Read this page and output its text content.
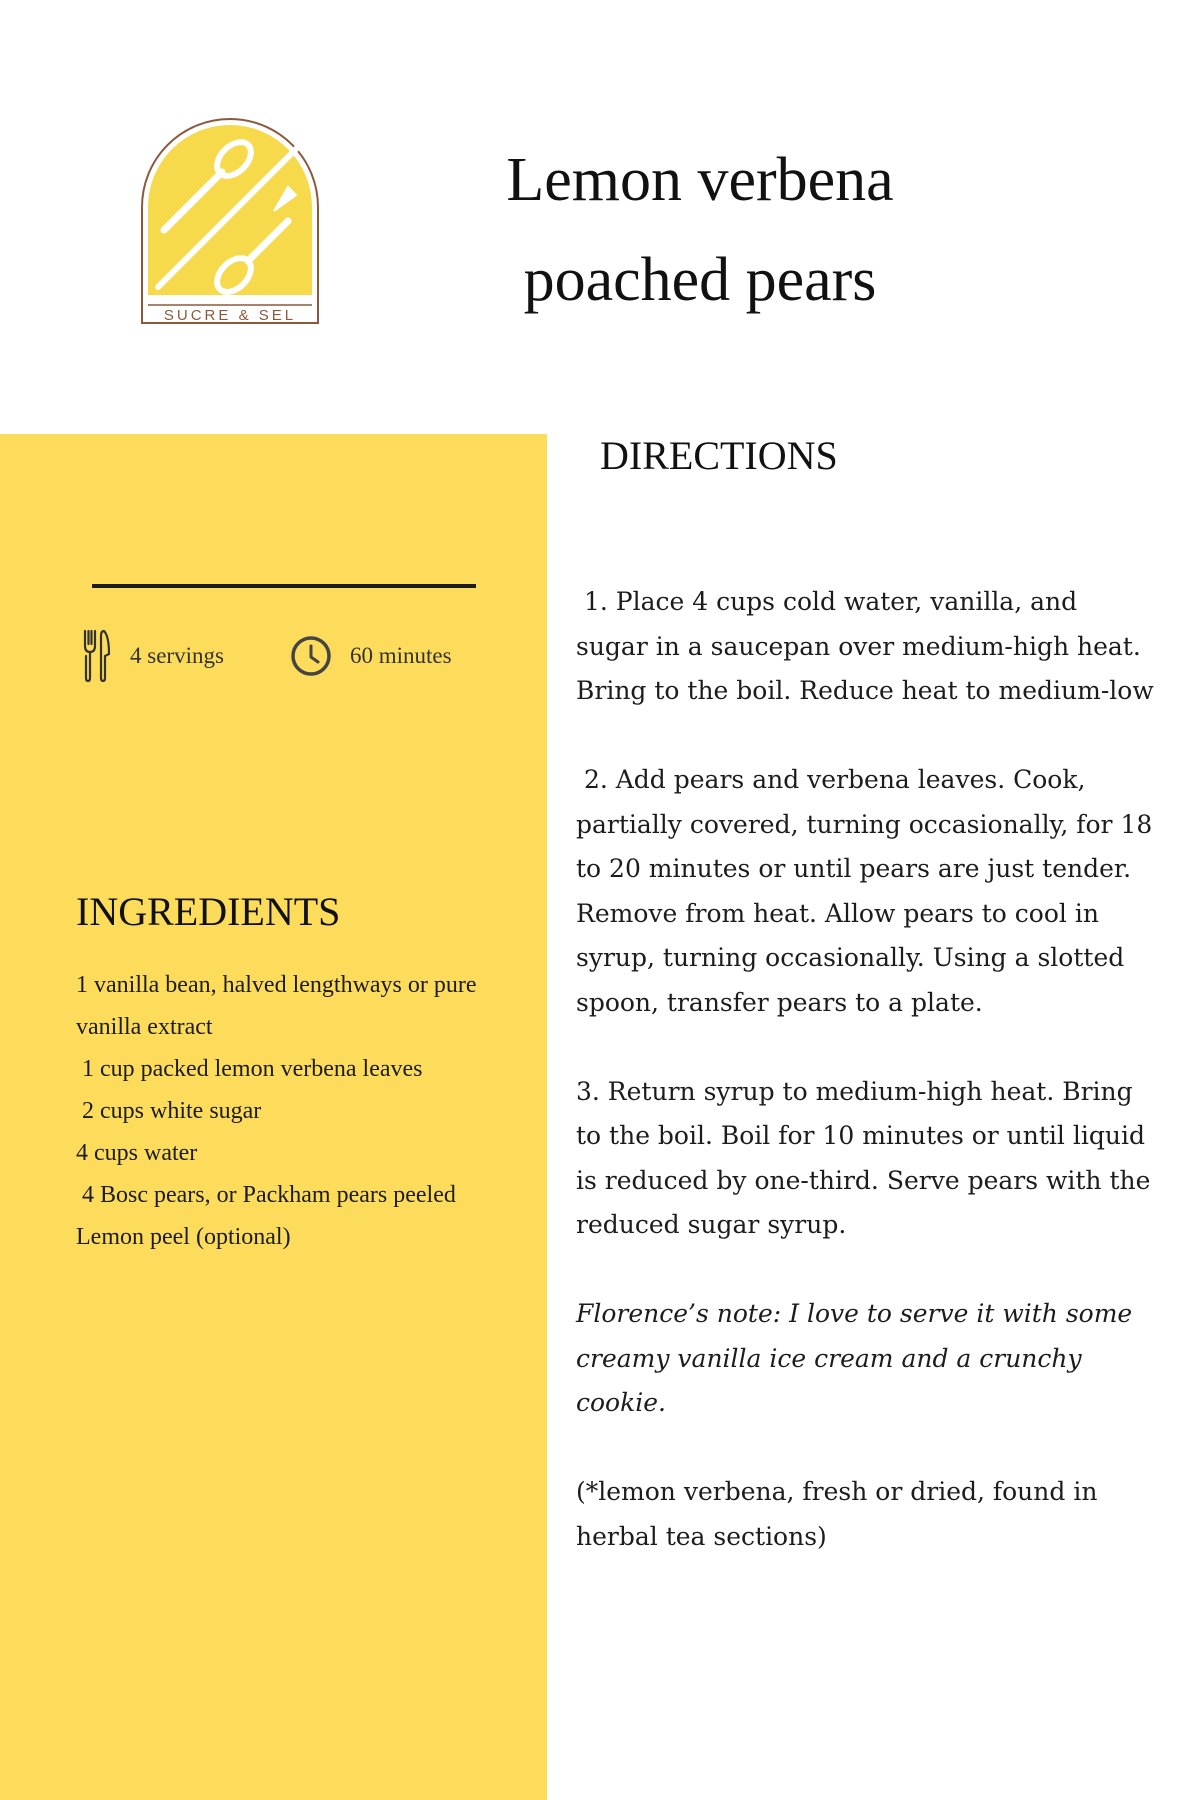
SUCRE & SEL
Lemon verbena
poached pears
4 servings	60 minutes
INGREDIENTS
1 vanilla bean, halved lengthways or pure vanilla extract
1 cup packed lemon verbena leaves
2 cups white sugar
4 cups water
4 Bosc pears, or Packham pears peeled
Lemon peel (optional)
DIRECTIONS

1. Place 4 cups cold water, vanilla, and sugar in a saucepan over medium-high heat. Bring to the boil. Reduce heat to medium-low

2. Add pears and verbena leaves. Cook, partially covered, turning occasionally, for 18 to 20 minutes or until pears are just tender. Remove from heat. Allow pears to cool in syrup, turning occasionally. Using a slotted spoon, transfer pears to a plate.

3. Return syrup to medium-high heat. Bring to the boil. Boil for 10 minutes or until liquid is reduced by one-third. Serve pears with the reduced sugar syrup.

Florence’s note: I love to serve it with some creamy vanilla ice cream and a crunchy cookie.

(*lemon verbena, fresh or dried, found in herbal tea sections)
